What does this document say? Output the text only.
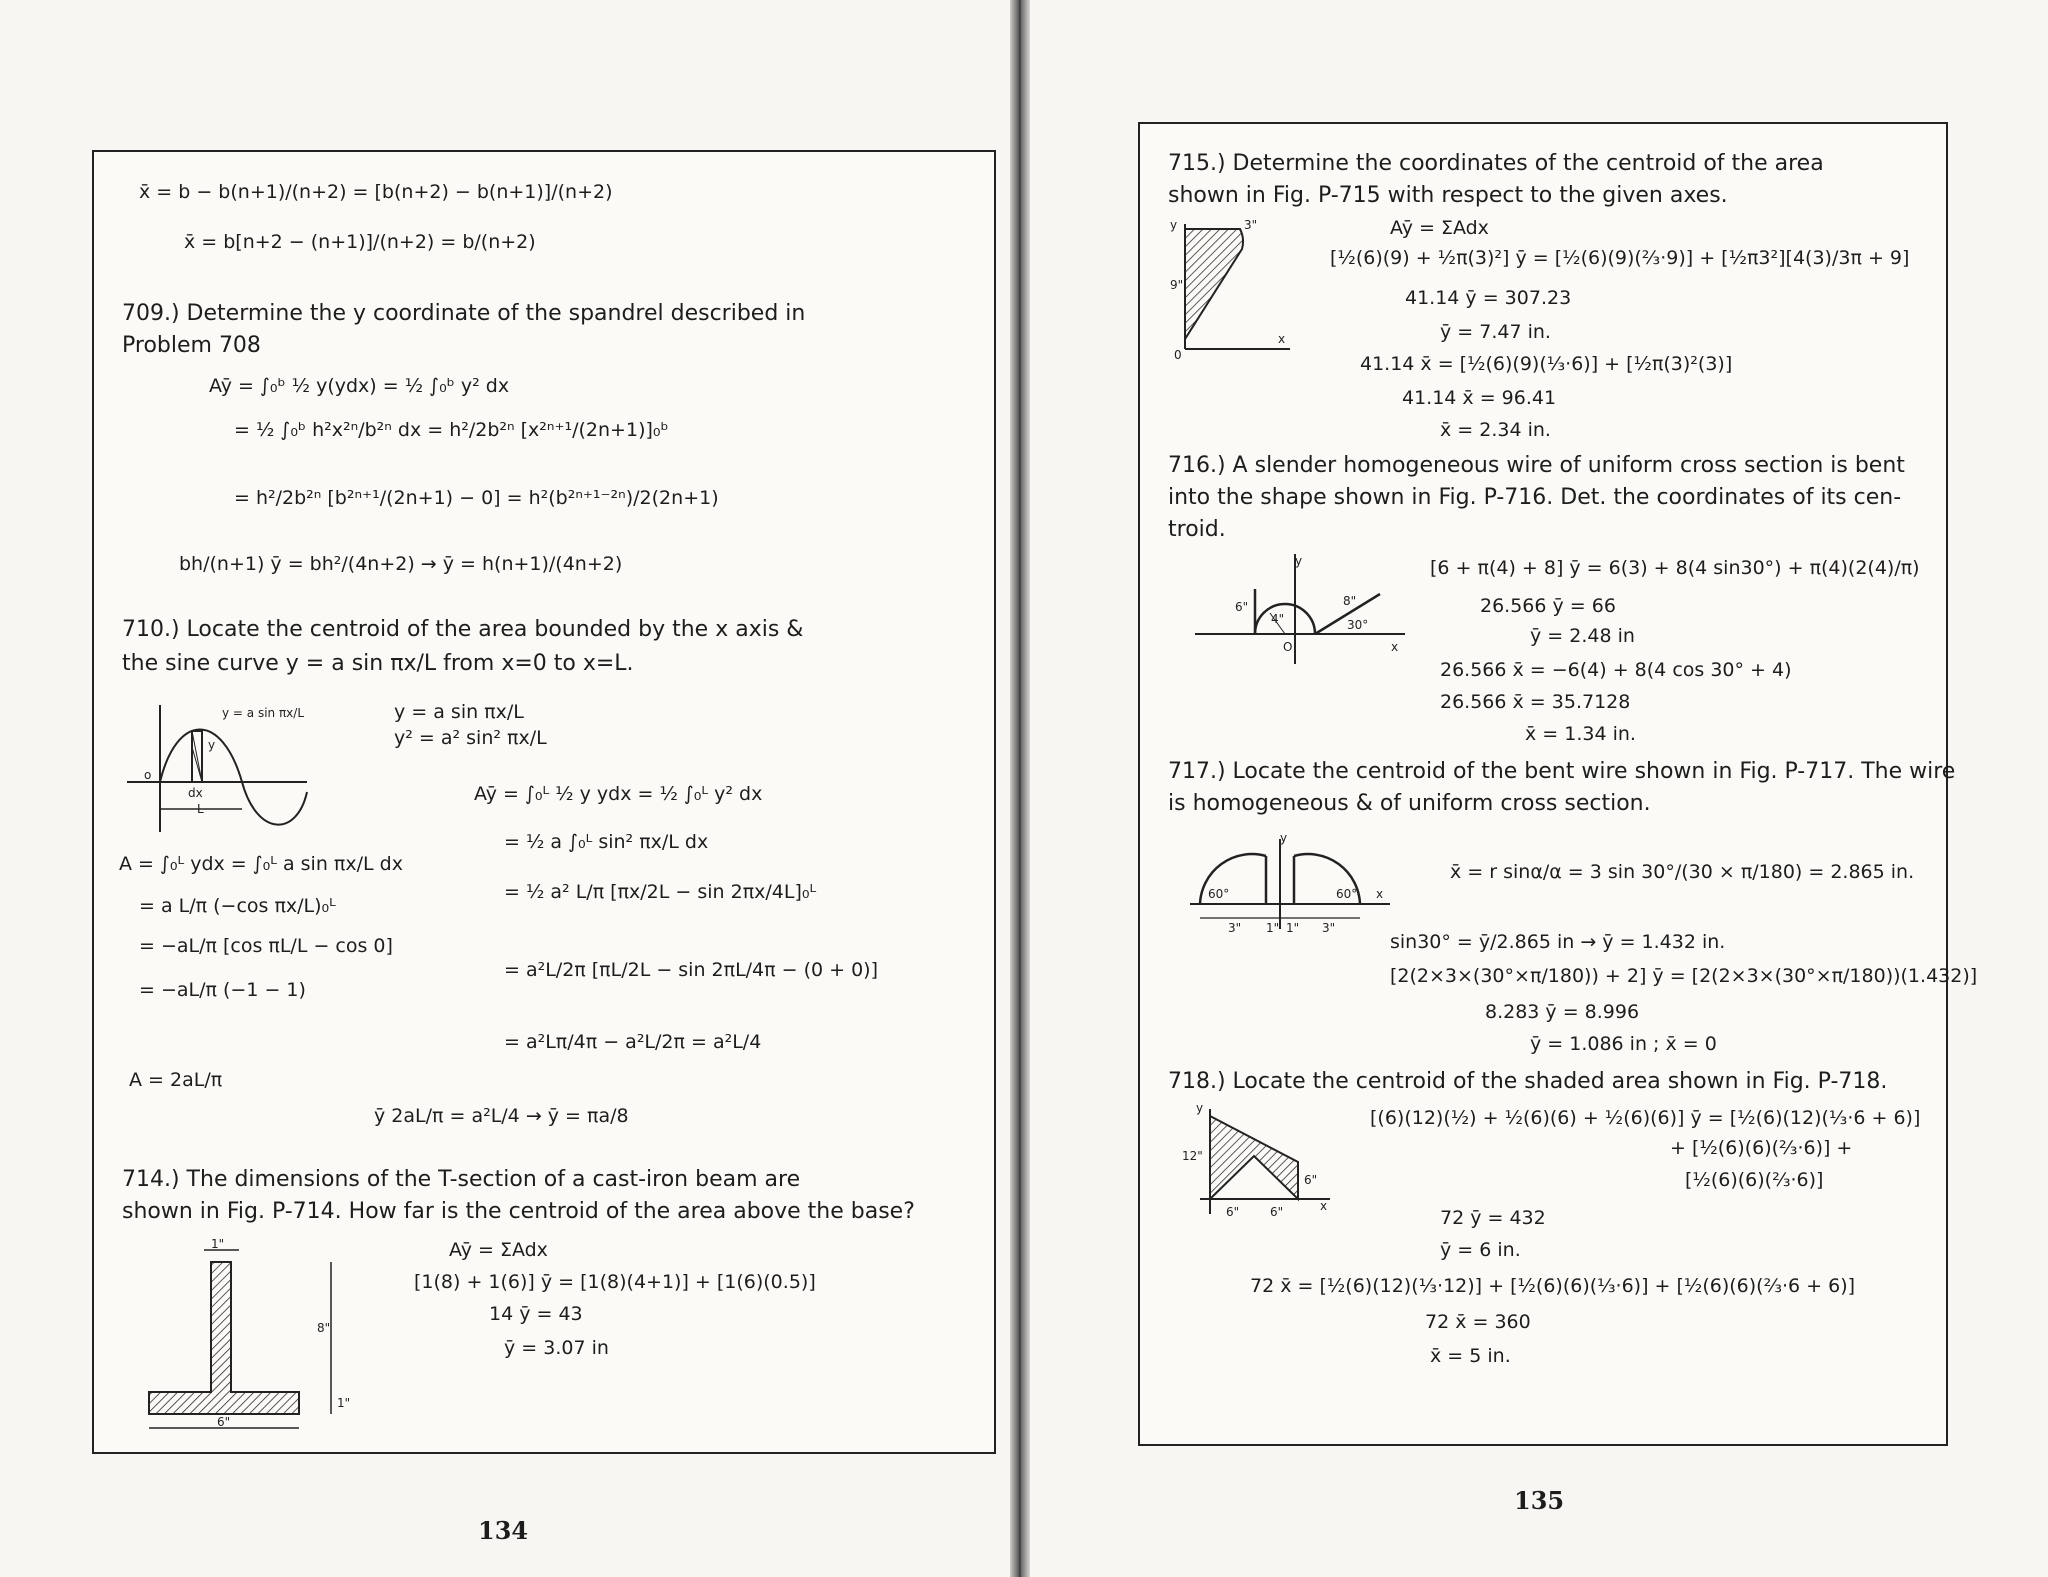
x̄ = b − b(n+1)/(n+2) = [b(n+2) − b(n+1)]/(n+2)
x̄ = b[n+2 − (n+1)]/(n+2) = b/(n+2)
709.) Determine the y coordinate of the spandrel described in
Problem 708
Aȳ = ∫₀ᵇ ½ y(ydx) = ½ ∫₀ᵇ y² dx
= ½ ∫₀ᵇ h²x²ⁿ/b²ⁿ dx = h²/2b²ⁿ [x²ⁿ⁺¹/(2n+1)]₀ᵇ
= h²/2b²ⁿ [b²ⁿ⁺¹/(2n+1) − 0] = h²(b²ⁿ⁺¹⁻²ⁿ)/2(2n+1)
bh/(n+1) ȳ = bh²/(4n+2) → ȳ = h(n+1)/(4n+2)
710.) Locate the centroid of the area bounded by the x axis &
the sine curve y = a sin πx/L from x=0 to x=L.
y = a sin πx/L
y
o
dx
L
y = a sin πx/L
y² = a² sin² πx/L
Aȳ = ∫₀ᴸ ½ y ydx = ½ ∫₀ᴸ y² dx
= ½ a ∫₀ᴸ sin² πx/L dx
= ½ a² L/π [πx/2L − sin 2πx/4L]₀ᴸ
A = ∫₀ᴸ ydx = ∫₀ᴸ a sin πx/L dx
= a L/π (−cos πx/L)₀ᴸ
= −aL/π [cos πL/L − cos 0]
= −aL/π (−1 − 1)
= a²L/2π [πL/2L − sin 2πL/4π − (0 + 0)]
= a²Lπ/4π − a²L/2π = a²L/4
A = 2aL/π
ȳ 2aL/π = a²L/4 → ȳ = πa/8
714.) The dimensions of the T-section of a cast-iron beam are
shown in Fig. P-714. How far is the centroid of the area above the base?
1"
8"
1"
6"
Aȳ = ΣAdx
[1(8) + 1(6)] ȳ = [1(8)(4+1)] + [1(6)(0.5)]
14 ȳ = 43
ȳ = 3.07 in
134
715.) Determine the coordinates of the centroid of the area
shown in Fig. P-715 with respect to the given axes.
y	3"
9"
x
0
Aȳ = ΣAdx
[½(6)(9) + ½π(3)²] ȳ = [½(6)(9)(⅔·9)] + [½π3²][4(3)/3π + 9]
41.14 ȳ = 307.23
ȳ = 7.47 in.
41.14 x̄ = [½(6)(9)(⅓·6)] + [½π(3)²(3)]
41.14 x̄ = 96.41
x̄ = 2.34 in.
716.) A slender homogeneous wire of uniform cross section is bent
into the shape shown in Fig. P-716. Det. the coordinates of its cen-
troid.
y
6"
4"
8"
30°
O	x
[6 + π(4) + 8] ȳ = 6(3) + 8(4 sin30°) + π(4)(2(4)/π)
26.566 ȳ = 66
ȳ = 2.48 in
26.566 x̄ = −6(4) + 8(4 cos 30° + 4)
26.566 x̄ = 35.7128
x̄ = 1.34 in.
717.) Locate the centroid of the bent wire shown in Fig. P-717. The wire
is homogeneous & of uniform cross section.
y
60°	60° x
3" 1" 1" 3"
x̄ = r sinα/α = 3 sin 30°/(30 × π/180) = 2.865 in.
sin30° = ȳ/2.865 in → ȳ = 1.432 in.
[2(2×3×(30°×π/180)) + 2] ȳ = [2(2×3×(30°×π/180))(1.432)]
8.283 ȳ = 8.996
ȳ = 1.086 in ; x̄ = 0
718.) Locate the centroid of the shaded area shown in Fig. P-718.
y
12"
6"
x
6"	6"
[(6)(12)(½) + ½(6)(6) + ½(6)(6)] ȳ = [½(6)(12)(⅓·6 + 6)]
+ [½(6)(6)(⅔·6)] +
[½(6)(6)(⅔·6)]
72 ȳ = 432
ȳ = 6 in.
72 x̄ = [½(6)(12)(⅓·12)] + [½(6)(6)(⅓·6)] + [½(6)(6)(⅔·6 + 6)]
72 x̄ = 360
x̄ = 5 in.
135
